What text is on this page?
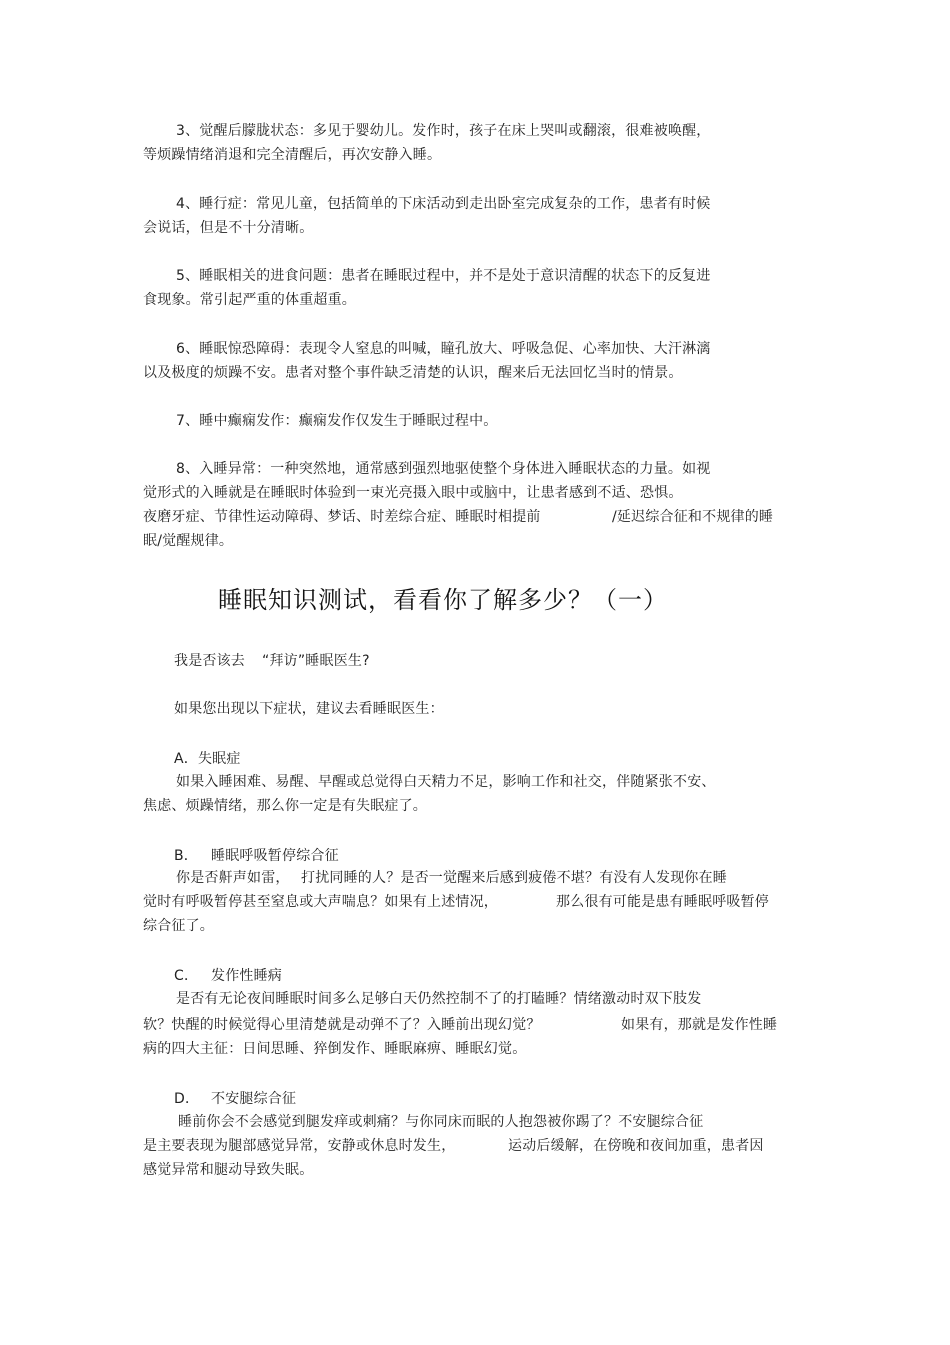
3、觉醒后朦胧状态：多见于婴幼儿。发作时，孩子在床上哭叫或翻滚，很难被唤醒，
等烦躁情绪消退和完全清醒后，再次安静入睡。
4、睡行症：常见儿童，包括简单的下床活动到走出卧室完成复杂的工作，患者有时候
会说话，但是不十分清晰。
5、睡眠相关的进食问题：患者在睡眠过程中，并不是处于意识清醒的状态下的反复进
食现象。常引起严重的体重超重。
6、睡眠惊恐障碍：表现令人窒息的叫喊，瞳孔放大、呼吸急促、心率加快、大汗淋漓
以及极度的烦躁不安。患者对整个事件缺乏清楚的认识，醒来后无法回忆当时的情景。
7、睡中癫痫发作：癫痫发作仅发生于睡眠过程中。
8、入睡异常：一种突然地，通常感到强烈地驱使整个身体进入睡眠状态的力量。如视
觉形式的入睡就是在睡眠时体验到一束光亮摄入眼中或脑中，让患者感到不适、恐惧。
夜磨牙症、节律性运动障碍、梦话、时差综合症、睡眠时相提前	/延迟综合征和不规律的睡
眠/觉醒规律。
睡眠知识测试，看看你了解多少？（一）
我是否该去 “拜访”睡眠医生?
如果您出现以下症状，建议去看睡眠医生：
A．失眠症
如果入睡困难、易醒、早醒或总觉得白天精力不足，影响工作和社交，伴随紧张不安、
焦虑、烦躁情绪，那么你一定是有失眠症了。
B． 睡眠呼吸暂停综合征
你是否鼾声如雷， 打扰同睡的人？是否一觉醒来后感到疲倦不堪？有没有人发现你在睡
觉时有呼吸暂停甚至窒息或大声喘息？如果有上述情况，	那么很有可能是患有睡眠呼吸暂停
综合征了。
C． 发作性睡病
是否有无论夜间睡眠时间多么足够白天仍然控制不了的打瞌睡？情绪激动时双下肢发
软？快醒的时候觉得心里清楚就是动弹不了？入睡前出现幻觉？	如果有，那就是发作性睡
病的四大主征：日间思睡、猝倒发作、睡眠麻痹、睡眠幻觉。
D． 不安腿综合征
睡前你会不会感觉到腿发痒或刺痛？与你同床而眠的人抱怨被你踢了？不安腿综合征
是主要表现为腿部感觉异常，安静或休息时发生，	运动后缓解，在傍晚和夜间加重，患者因
感觉异常和腿动导致失眠。
